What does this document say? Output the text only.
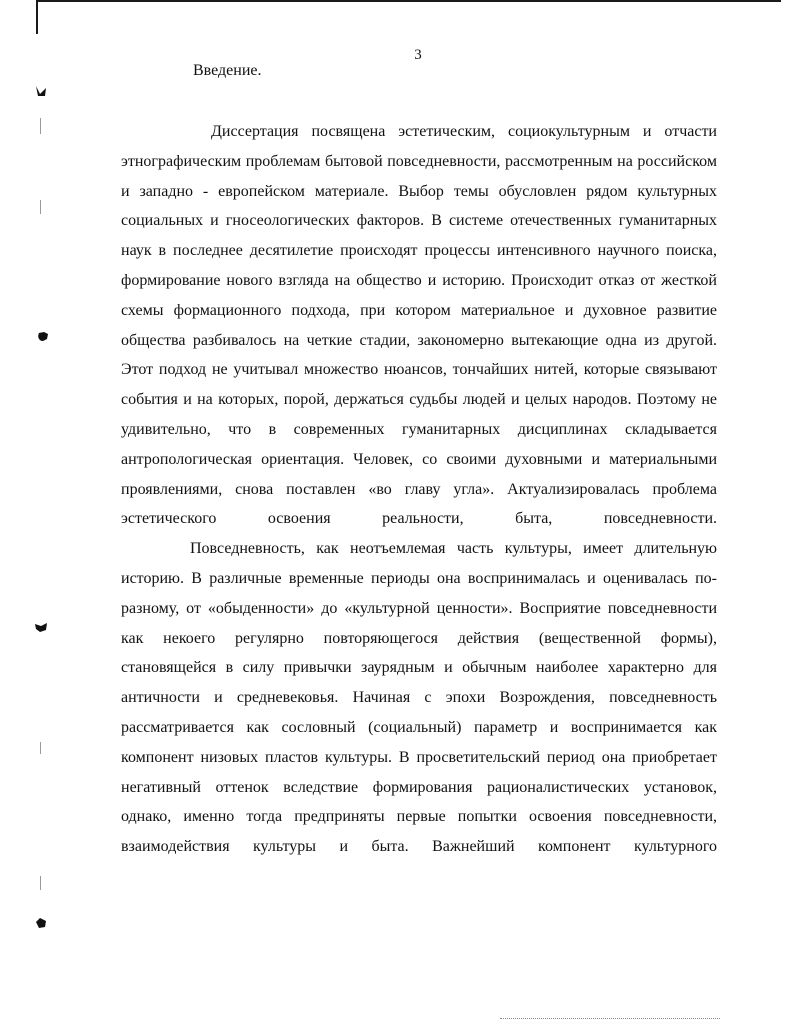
3
Введение.

Диссертация посвящена эстетическим, социокультурным и отчасти этнографическим проблемам бытовой повседневности, рассмотренным на российском и западно - европейском материале. Выбор темы обусловлен рядом культурных социальных и гносеологических факторов. В системе отечественных гуманитарных наук в последнее десятилетие происходят процессы интенсивного научного поиска, формирование нового взгляда на общество и историю. Происходит отказ от жесткой схемы формационного подхода, при котором материальное и духовное развитие общества разбивалось на четкие стадии, закономерно вытекающие одна из другой. Этот подход не учитывал множество нюансов, тончайших нитей, которые связывают события и на которых, порой, держаться судьбы людей и целых народов. Поэтому не удивительно, что в современных гуманитарных дисциплинах складывается антропологическая ориентация. Человек, со своими духовными и материальными проявлениями, снова поставлен «во главу угла». Актуализировалась проблема эстетического освоения реальности, быта, повседневности.

Повседневность, как неотъемлемая часть культуры, имеет длительную историю. В различные временные периоды она воспринималась и оценивалась по-разному, от «обыденности» до «культурной ценности». Восприятие повседневности как некоего регулярно повторяющегося действия (вещественной формы), становящейся в силу привычки заурядным и обычным наиболее характерно для античности и средневековья. Начиная с эпохи Возрождения, повседневность рассматривается как сословный (социальный) параметр и воспринимается как компонент низовых пластов культуры. В просветительский период она приобретает негативный оттенок вследствие формирования рационалистических установок, однако, именно тогда предприняты первые попытки освоения повседневности, взаимодействия культуры и быта. Важнейший компонент культурного
